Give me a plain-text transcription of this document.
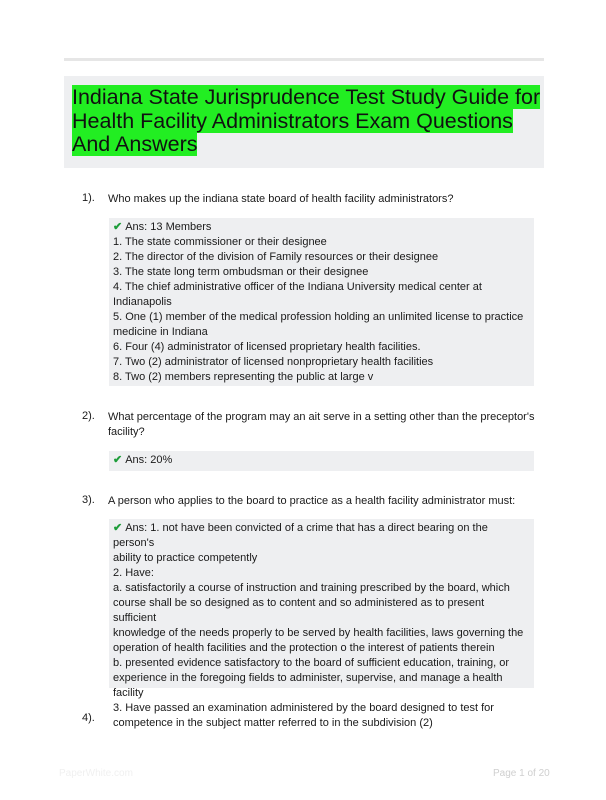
Indiana State Jurisprudence Test Study Guide for
Health Facility Administrators Exam Questions
And Answers
1). Who makes up the indiana state board of health facility administrators?
✔ Ans: 13 Members
1. The state commissioner or their designee
2. The director of the division of Family resources or their designee
3. The state long term ombudsman or their designee
4. The chief administrative officer of the Indiana University medical center at
Indianapolis
5. One (1) member of the medical profession holding an unlimited license to practice
medicine in Indiana
6. Four (4) administrator of licensed proprietary health facilities.
7. Two (2) administrator of licensed nonproprietary health facilities
8. Two (2) members representing the public at large v
2). What percentage of the program may an ait serve in a setting other than the preceptor's facility?
✔ Ans: 20%
3). A person who applies to the board to practice as a health facility administrator must:
✔ Ans: 1. not have been convicted of a crime that has a direct bearing on the person's
ability to practice competently
2. Have:
a. satisfactorily a course of instruction and training prescribed by the board, which
course shall be so designed as to content and so administered as to present sufficient
knowledge of the needs properly to be served by health facilities, laws governing the
operation of health facilities and the protection o the interest of patients therein
b. presented evidence satisfactory to the board of sufficient education, training, or
experience in the foregoing fields to administer, supervise, and manage a health facility
3. Have passed an examination administered by the board designed to test for
competence in the subject matter referred to in the subdivision (2)
4).
PaperWhite.com	Page 1 of 20
